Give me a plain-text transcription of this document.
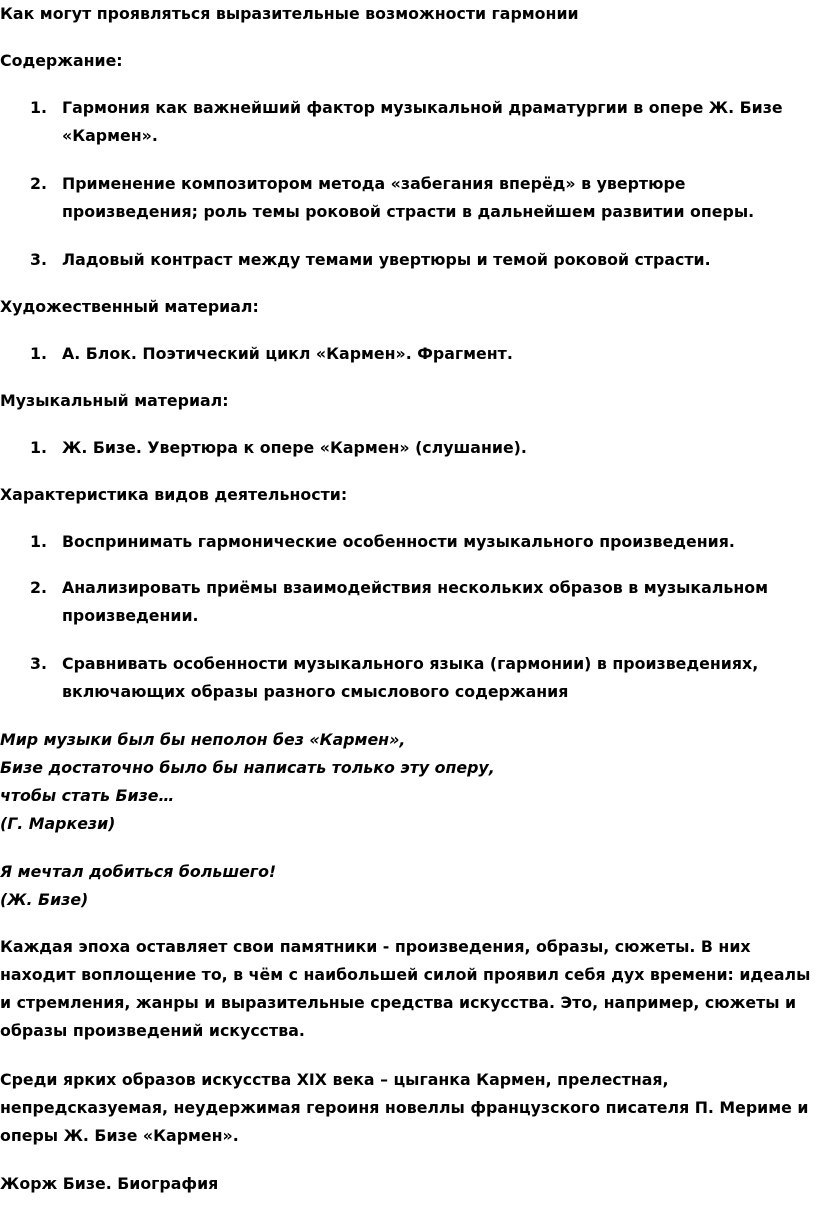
Как могут проявляться выразительные возможности гармонии
Содержание:
1. Гармония как важнейший фактор музыкальной драматургии в опере Ж. Бизе
«Кармен».
2. Применение композитором метода «забегания вперёд» в увертюре
произведения; роль темы роковой страсти в дальнейшем развитии оперы.
3. Ладовый контраст между темами увертюры и темой роковой страсти.
Художественный материал:
1. А. Блок. Поэтический цикл «Кармен». Фрагмент.
Музыкальный материал:
1. Ж. Бизе. Увертюра к опере «Кармен» (слушание).
Характеристика видов деятельности:
1. Воспринимать гармонические особенности музыкального произведения.
2. Анализировать приёмы взаимодействия нескольких образов в музыкальном
произведении.
3. Сравнивать особенности музыкального языка (гармонии) в произведениях,
включающих образы разного смыслового содержания
Мир музыки был бы неполон без «Кармен»,
Бизе достаточно было бы написать только эту оперу,
чтобы стать Бизе…
(Г. Маркези)
Я мечтал добиться большего!
(Ж. Бизе)
Каждая эпоха оставляет свои памятники - произведения, образы, сюжеты. В них
находит воплощение то, в чём с наибольшей силой проявил себя дух времени: идеалы
и стремления, жанры и выразительные средства искусства. Это, например, сюжеты и
образы произведений искусства.
Среди ярких образов искусства XIX века – цыганка Кармен, прелестная,
непредсказуемая, неудержимая героиня новеллы французского писателя П. Мериме и
оперы Ж. Бизе «Кармен».
Жорж Бизе. Биография
